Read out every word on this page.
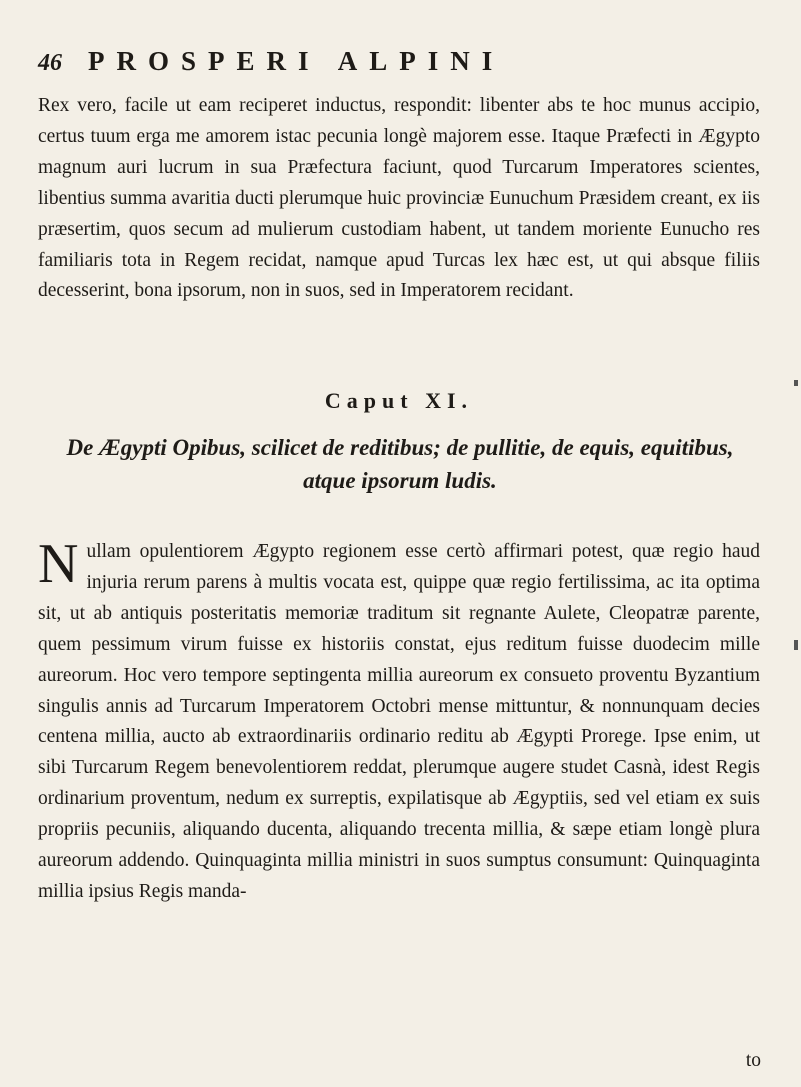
46 PROSPERI ALPINI

Rex vero, facile ut eam reciperet inductus, respondit: libenter abs te hoc munus accipio, certus tuum erga me amorem istac pecunia longè majorem esse. Itaque Præfecti in Ægypto magnum auri lucrum in sua Præfectura faciunt, quod Turcarum Imperatores scientes, libentius summa avaritia ducti plerumque huic provinciæ Eunuchum Præsidem creant, ex iis præsertim, quos secum ad mulierum custodiam habent, ut tandem moriente Eunucho res familiaris tota in Regem recidat, namque apud Turcas lex hæc est, ut qui absque filiis decesserint, bona ipsorum, non in suos, sed in Imperatorem recidant.

Caput XI.
De Ægypti Opibus, scilicet de reditibus; de pullitie, de equis, equitibus, atque ipsorum ludis.
N ullam opulentiorem Ægypto regionem esse certò affirmari potest, quæ regio haud injuria rerum parens à multis vocata est, quippe quæ regio fertilissima, ac ita optima sit, ut ab antiquis posteritatis memoriæ traditum sit regnante Aulete, Cleopatræ parente, quem pessimum virum fuisse ex historiis constat, ejus reditum fuisse duodecim mille aureorum. Hoc vero tempore septingenta millia aureorum ex consueto proventu Byzantium singulis annis ad Turcarum Imperatorem Octobri mense mittuntur, & nonnunquam decies centena millia, aucto ab extraordinariis ordinario reditu ab Ægypti Prorege. Ipse enim, ut sibi Turcarum Regem benevolentiorem reddat, plerumque augere studet Casnà, idest Regis ordinarium proventum, nedum ex surreptis, expilatisque ab Ægyptiis, sed vel etiam ex suis propriis pecuniis, aliquando ducenta, aliquando trecenta millia, & sæpe etiam longè plura aureorum addendo. Quinquaginta millia ministri in suos sumptus consumunt: Quinquaginta millia ipsius Regis manda-
to
